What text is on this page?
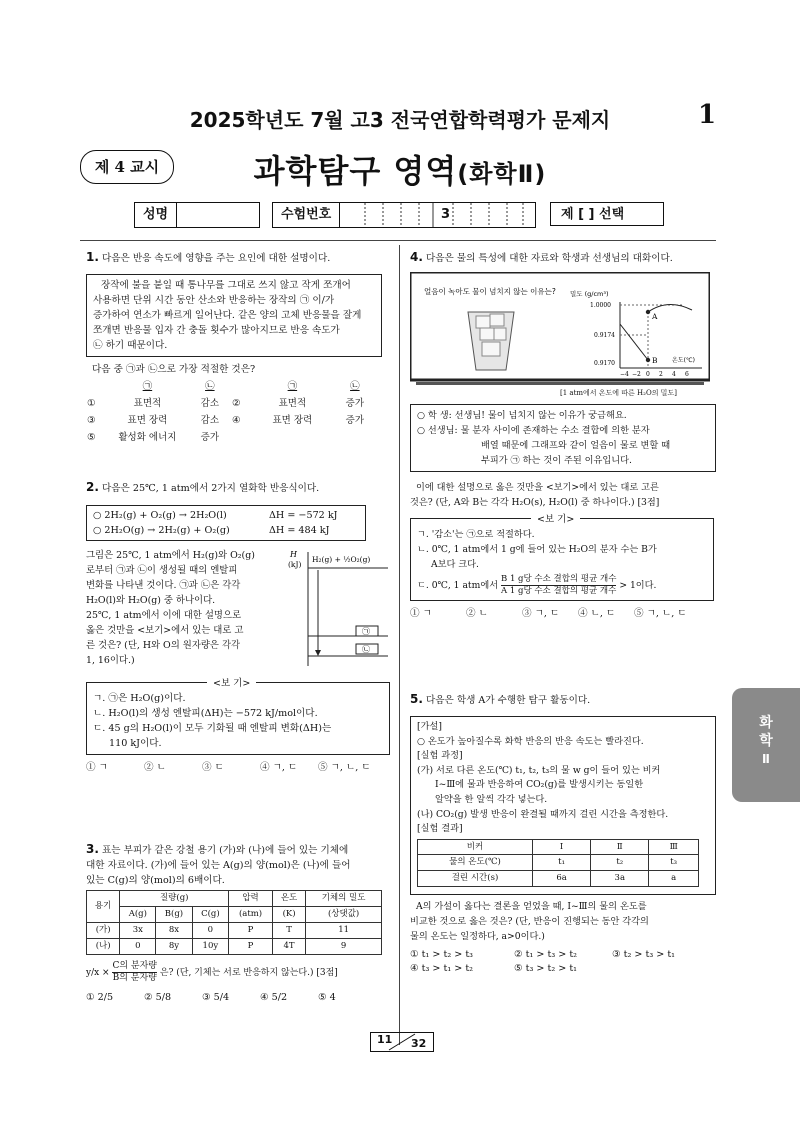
2025학년도 7월 고3 전국연합학력평가 문제지	1
제 4 교시	과학탐구 영역(화학Ⅱ)
성명	수험번호	3	제 [ ] 선택
1. 다음은 반응 속도에 영향을 주는 요인에 대한 설명이다.
장작에 불을 붙일 때 통나무를 그대로 쓰지 않고 작게 쪼개어
사용하면 단위 시간 동안 산소와 반응하는 장작의 ㉠ 이/가
증가하여 연소가 빠르게 일어난다. 같은 양의 고체 반응물을 잘게
쪼개면 반응물 입자 간 충돌 횟수가 많아지므로 반응 속도가
㉡ 하기 때문이다.
다음 중 ㉠과 ㉡으로 가장 적절한 것은?
	㉠	㉡		㉠	㉡
①	표면적	감소	②	표면적	증가
③	표면 장력	감소	④	표면 장력	증가
⑤	활성화 에너지	증가			
2. 다음은 25℃, 1 atm에서 2가지 열화학 반응식이다.
○ 2H₂(g) + O₂(g) → 2H₂O(l)	ΔH = −572 kJ
○ 2H₂O(g) → 2H₂(g) + O₂(g)	ΔH = 484 kJ
그림은 25℃, 1 atm에서 H₂(g)와 O₂(g)
로부터 ㉠과 ㉡이 생성될 때의 엔탈피
변화를 나타낸 것이다. ㉠과 ㉡은 각각
H₂O(l)와 H₂O(g) 중 하나이다.
25℃, 1 atm에서 이에 대한 설명으로
옳은 것만을 <보기>에서 있는 대로 고
른 것은? (단, H와 O의 원자량은 각각
1, 16이다.)
H
(kJ)
H₂(g) + ½O₂(g)
㉠
㉡
<보 기>
ㄱ. ㉠은 H₂O(g)이다.
ㄴ. H₂O(l)의 생성 엔탈피(ΔH)는 −572 kJ/mol이다.
ㄷ. 45 g의 H₂O(l)이 모두 기화될 때 엔탈피 변화(ΔH)는
110 kJ이다.
① ㄱ	② ㄴ	③ ㄷ	④ ㄱ, ㄷ ⑤ ㄱ, ㄴ, ㄷ
3. 표는 부피가 같은 강철 용기 (가)와 (나)에 들어 있는 기체에
대한 자료이다. (가)에 들어 있는 A(g)의 양(mol)은 (나)에 들어
있는 C(g)의 양(mol)의 6배이다.
용기	질량(g)			압력	온도	기체의 밀도
	A(g)	B(g)	C(g)	(atm)	(K)	(상댓값)
(가)	3x	8x	0	P	T	11
(나)	0	8y	10y	P	4T	9
y/x ×
C의 분자량
B의 분자량 은? (단, 기체는 서로 반응하지 않는다.) [3점]
① 2/5	② 5/8	③ 5/4	④ 5/2	⑤ 4
4. 다음은 물의 특성에 대한 자료와 학생과 선생님의 대화이다.
얼음이 녹아도 물이 넘치지 않는 이유는? 밀도 (g/cm³)
1.0000
0.9174
0.9170
A
B
−4 −2 0 2 4 6
온도(℃)
[1 atm에서 온도에 따른 H₂O의 밀도]
○ 학 생: 선생님! 물이 넘치지 않는 이유가 궁금해요.
○ 선생님: 물 분자 사이에 존재하는 수소 결합에 의한 분자
배열 때문에 그래프와 같이 얼음이 물로 변할 때
부피가 ㉠ 하는 것이 주된 이유입니다.
이에 대한 설명으로 옳은 것만을 <보기>에서 있는 대로 고른
것은? (단, A와 B는 각각 H₂O(s), H₂O(l) 중 하나이다.) [3점]
<보 기>
ㄱ. '감소'는 ㉠으로 적절하다.
ㄴ. 0℃, 1 atm에서 1 g에 들어 있는 H₂O의 분자 수는 B가
A보다 크다.
ㄷ. 0℃, 1 atm에서
B 1 g당 수소 결합의 평균 개수
A 1 g당 수소 결합의 평균 개수 > 1이다.
① ㄱ	② ㄴ	③ ㄱ, ㄷ ④ ㄴ, ㄷ ⑤ ㄱ, ㄴ, ㄷ
5. 다음은 학생 A가 수행한 탐구 활동이다.
[가설]
○ 온도가 높아질수록 화학 반응의 반응 속도는 빨라진다.
[실험 과정]
(가) 서로 다른 온도(℃) t₁, t₂, t₃의 물 w g이 들어 있는 비커
Ⅰ~Ⅲ에 물과 반응하여 CO₂(g)를 발생시키는 동일한
알약을 한 알씩 각각 넣는다.
(나) CO₂(g) 발생 반응이 완결될 때까지 걸린 시간을 측정한다.
[실험 결과]
비커	Ⅰ	Ⅱ	Ⅲ
물의 온도(℃)	t₁	t₂	t₃
걸린 시간(s)	6a	3a	a
A의 가설이 옳다는 결론을 얻었을 때, Ⅰ~Ⅲ의 물의 온도를
비교한 것으로 옳은 것은? (단, 반응이 진행되는 동안 각각의
물의 온도는 일정하다, a>0이다.)
① t₁ > t₂ > t₃	② t₁ > t₃ > t₂	③ t₂ > t₃ > t₁
④ t₃ > t₁ > t₂	⑤ t₃ > t₂ > t₁
화
학
Ⅱ
11 32
